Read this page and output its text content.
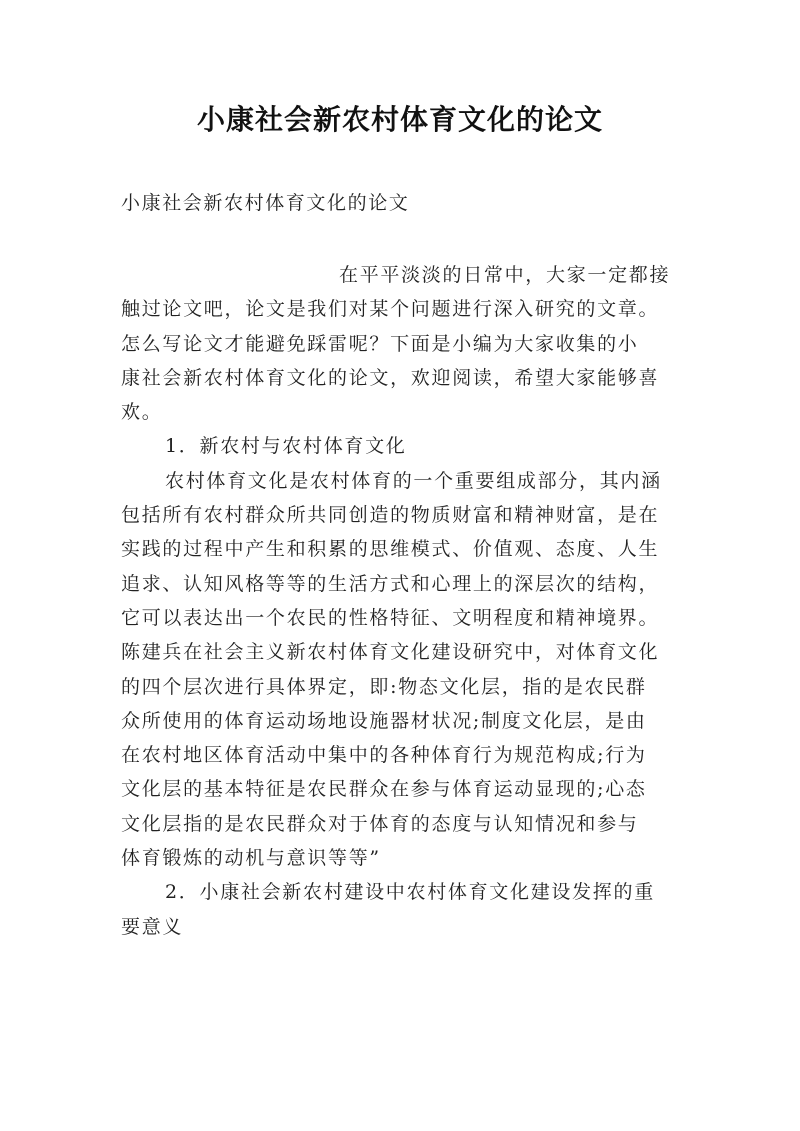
小康社会新农村体育文化的论文
小康社会新农村体育文化的论文
在平平淡淡的日常中，大家一定都接
触过论文吧，论文是我们对某个问题进行深入研究的文章。
怎么写论文才能避免踩雷呢？下面是小编为大家收集的小
康社会新农村体育文化的论文，欢迎阅读，希望大家能够喜
欢。
1．新农村与农村体育文化
农村体育文化是农村体育的一个重要组成部分，其内涵
包括所有农村群众所共同创造的物质财富和精神财富，是在
实践的过程中产生和积累的思维模式、价值观、态度、人生
追求、认知风格等等的生活方式和心理上的深层次的结构，
它可以表达出一个农民的性格特征、文明程度和精神境界。
陈建兵在社会主义新农村体育文化建设研究中，对体育文化
的四个层次进行具体界定，即:物态文化层，指的是农民群
众所使用的体育运动场地设施器材状况;制度文化层，是由
在农村地区体育活动中集中的各种体育行为规范构成;行为
文化层的基本特征是农民群众在参与体育运动显现的;心态
文化层指的是农民群众对于体育的态度与认知情况和参与
体育锻炼的动机与意识等等”
2．小康社会新农村建设中农村体育文化建设发挥的重
要意义
